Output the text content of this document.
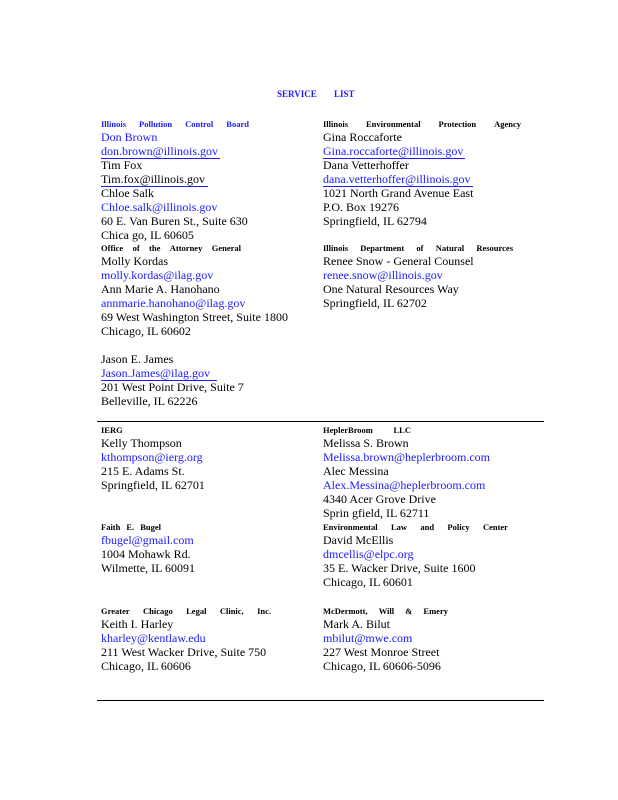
SERVICE LIST
Illinois Pollution Control Board
Don Brown
don.brown@illinois.gov
Tim Fox
Tim.fox@illinois.gov
Chloe Salk
Chloe.salk@illinois.gov
60 E. Van Buren St., Suite 630
Chica go, IL 60605
Illinois Environmental Protection Agency
Gina Roccaforte
Gina.roccaforte@illinois.gov
Dana Vetterhoffer
dana.vetterhoffer@illinois.gov
1021 North Grand Avenue East
P.O. Box 19276
Springfield, IL 62794
Office of the Attorney General
Molly Kordas
molly.kordas@ilag.gov
Ann Marie A. Hanohano
annmarie.hanohano@ilag.gov
69 West Washington Street, Suite 1800
Chicago, IL 60602
Jason E. James
Jason.James@ilag.gov
201 West Point Drive, Suite 7
Belleville, IL 62226
Illinois Department of Natural Resources
Renee Snow - General Counsel
renee.snow@illinois.gov
One Natural Resources Way
Springfield, IL 62702
IERG
Kelly Thompson
kthompson@ierg.org
215 E. Adams St.
Springfield, IL 62701
HeplerBroom LLC
Melissa S. Brown
Melissa.brown@heplerbroom.com
Alec Messina
Alex.Messina@heplerbroom.com
4340 Acer Grove Drive
Sprin gfield, IL 62711
Faith E. Bugel
fbugel@gmail.com
1004 Mohawk Rd.
Wilmette, IL 60091
Environmental Law and Policy Center
David McEllis
dmcellis@elpc.org
35 E. Wacker Drive, Suite 1600
Chicago, IL 60601
Greater Chicago Legal Clinic, Inc.
Keith I. Harley
kharley@kentlaw.edu
211 West Wacker Drive, Suite 750
Chicago, IL 60606
McDermott, Will & Emery
Mark A. Bilut
mbilut@mwe.com
227 West Monroe Street
Chicago, IL 60606-5096
